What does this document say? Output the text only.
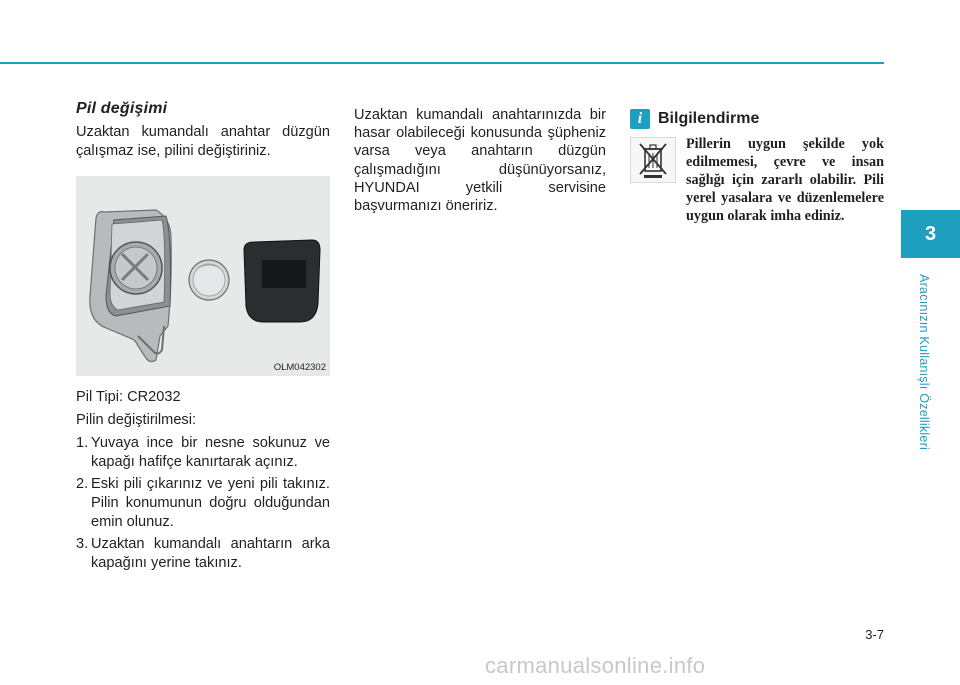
Pil değişimi

Uzaktan kumandalı anahtar düzgün çalışmaz ise, pilini değiştiriniz.

OLM042302
Pil Tipi: CR2032
Pilin değiştirilmesi:
1. Yuvaya ince bir nesne sokunuz ve kapağı hafifçe kanırtarak açınız.
2. Eski pili çıkarınız ve yeni pili takınız. Pilin konumunun doğru olduğundan emin olunuz.
3. Uzaktan kumandalı anahtarın arka kapağını yerine takınız.

Uzaktan kumandalı anahtarınızda bir hasar olabileceği konusunda şüpheniz varsa veya anahtarın düzgün çalışmadığını düşünüyorsanız, HYUNDAI yetkili servisine başvurmanızı öneririz.

i Bilgilendirme
Pillerin uygun şekilde yok edilmemesi, çevre ve insan sağlığı için zararlı olabilir. Pili yerel yasalara ve düzenlemelere uygun olarak imha ediniz.
3
Aracınızın Kullanışlı Özellikleri
3-7
carmanualsonline.info
